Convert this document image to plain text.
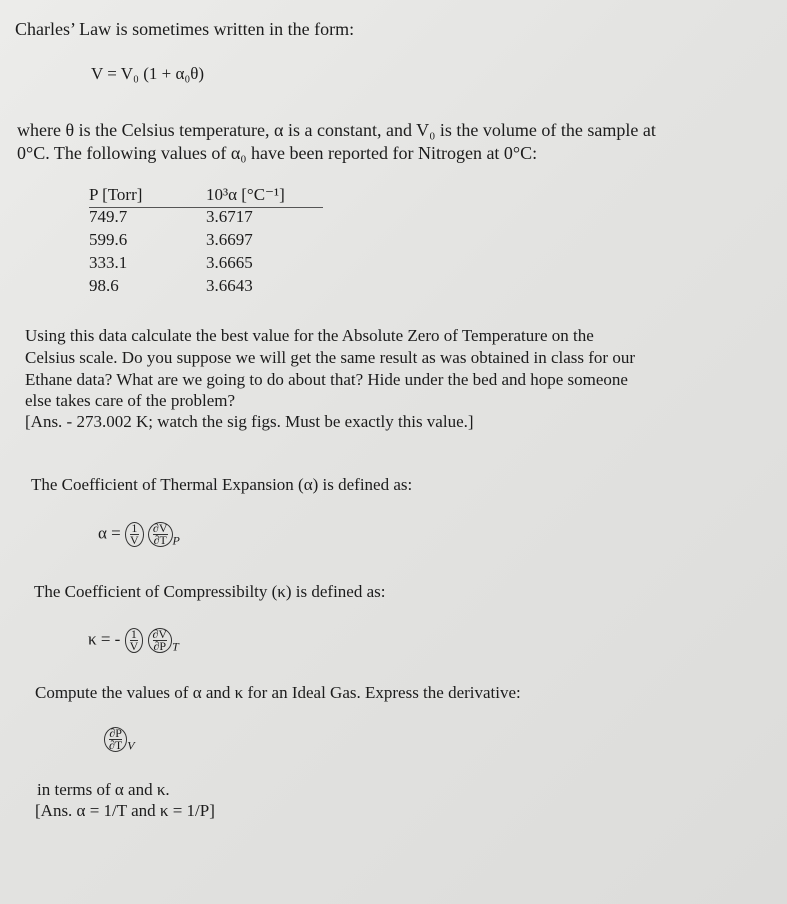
Charles’ Law is sometimes written in the form:
V = V₀ (1 + α₀θ)
where θ is the Celsius temperature, α is a constant, and V₀ is the volume of the sample at
0°C. The following values of α₀ have been reported for Nitrogen at 0°C:
P [Torr]	10³α [°C⁻¹]
749.7	3.6717
599.6	3.6697
333.1	3.6665
98.6	3.6643
Using this data calculate the best value for the Absolute Zero of Temperature on the
Celsius scale. Do you suppose we will get the same result as was obtained in class for our
Ethane data? What are we going to do about that? Hide under the bed and hope someone
else takes care of the problem?
[Ans. - 273.002 K; watch the sig figs. Must be exactly this value.]
The Coefficient of Thermal Expansion (α) is defined as:
$\alpha = \frac{1}{V}$
$\frac{\partial V}{\partial T} _P$
The Coefficient of Compressibilty (κ) is defined as:
κ = - $\frac{1}{V}$
$\frac{\partial V}{\partial P} _T$
Compute the values of α and κ for an Ideal Gas. Express the derivative:
$\frac{\partial P}{\partial T} _V$
in terms of α and κ.
[Ans. α = 1/T and κ = 1/P]
